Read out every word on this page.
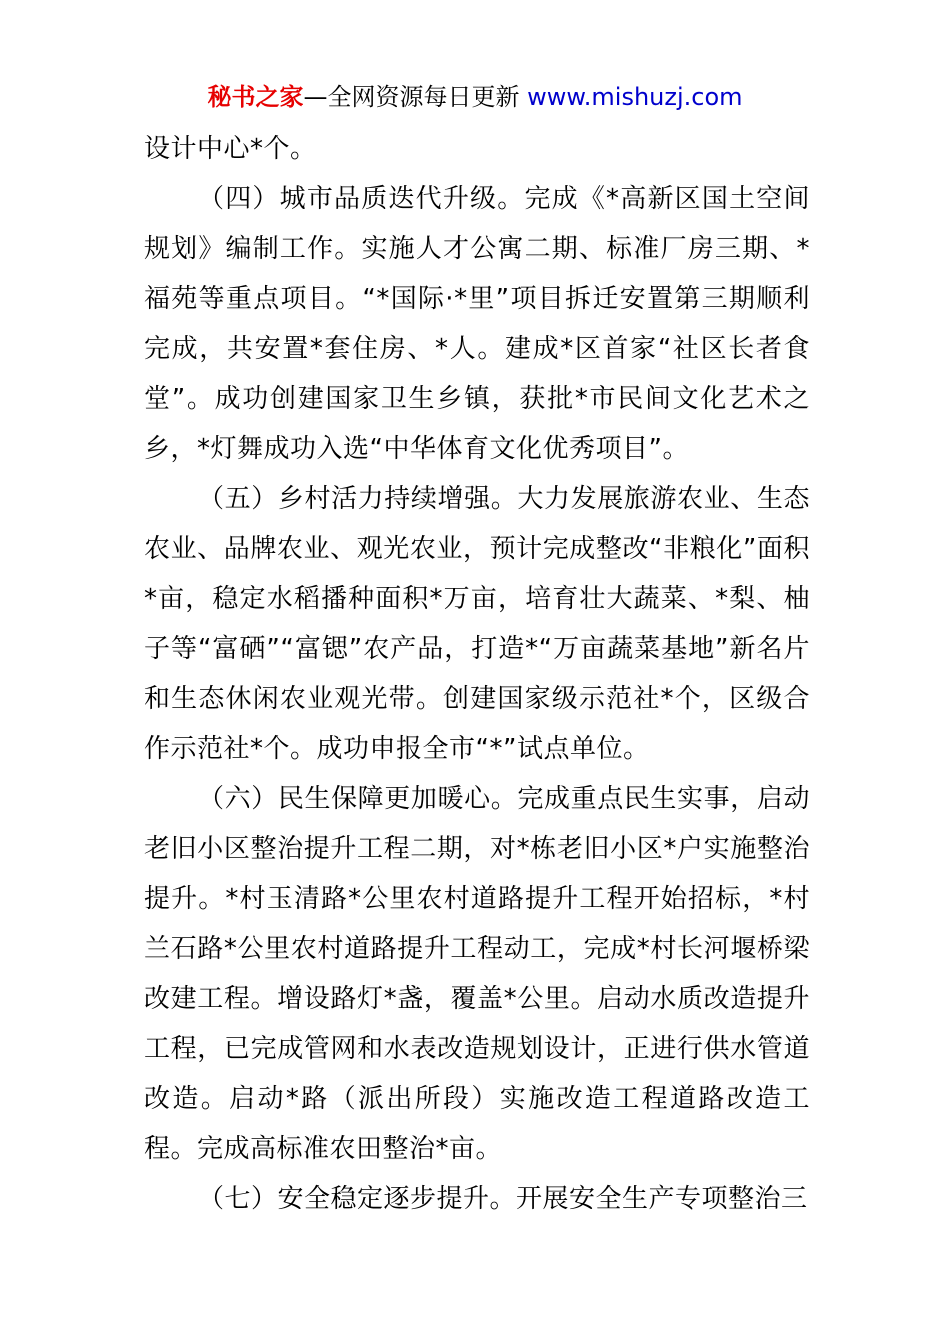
秘书之家—全网资源每日更新 www.mishuzj.com

设计中心*个。

（四）城市品质迭代升级。完成《*高新区国土空间规划》编制工作。实施人才公寓二期、标准厂房三期、*福苑等重点项目。“*国际·*里”项目拆迁安置第三期顺利完成，共安置*套住房、*人。建成*区首家“社区长者食堂”。成功创建国家卫生乡镇，获批*市民间文化艺术之乡，*灯舞成功入选“中华体育文化优秀项目”。

（五）乡村活力持续增强。大力发展旅游农业、生态农业、品牌农业、观光农业，预计完成整改“非粮化”面积*亩，稳定水稻播种面积*万亩，培育壮大蔬菜、*梨、柚子等“富硒”“富锶”农产品，打造*“万亩蔬菜基地”新名片和生态休闲农业观光带。创建国家级示范社*个，区级合作示范社*个。成功申报全市“*”试点单位。

（六）民生保障更加暖心。完成重点民生实事，启动老旧小区整治提升工程二期，对*栋老旧小区*户实施整治提升。*村玉清路*公里农村道路提升工程开始招标，*村兰石路*公里农村道路提升工程动工，完成*村长河堰桥梁改建工程。增设路灯*盏，覆盖*公里。启动水质改造提升工程，已完成管网和水表改造规划设计，正进行供水管道改造。启动*路（派出所段）实施改造工程道路改造工程。完成高标准农田整治*亩。

（七）安全稳定逐步提升。开展安全生产专项整治三
